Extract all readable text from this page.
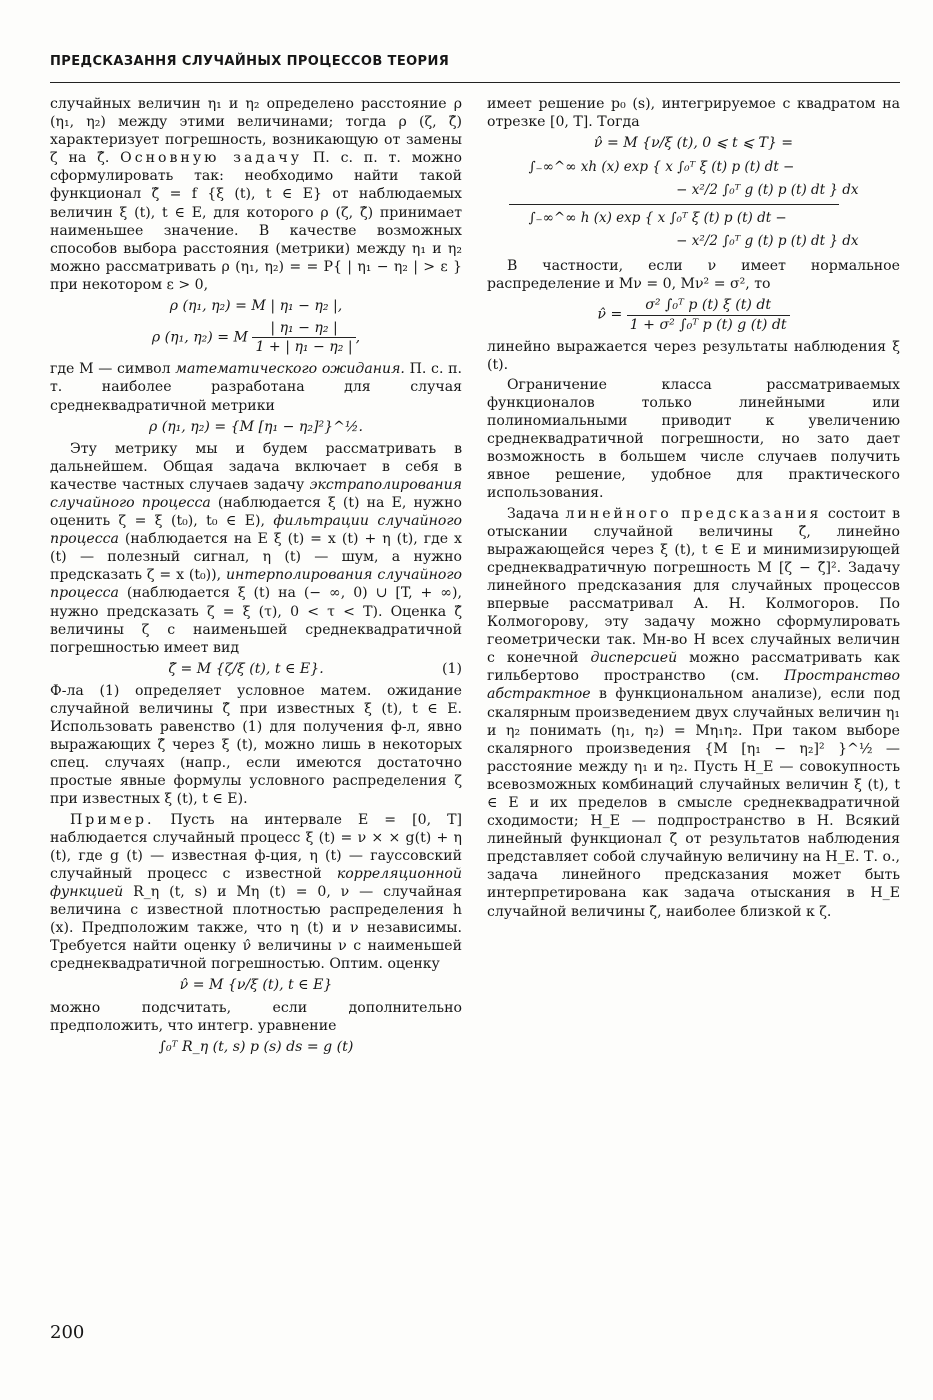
ПРЕДСКАЗАННЯ СЛУЧАЙНЫХ ПРОЦЕССОВ ТЕОРИЯ

случайных величин η₁ и η₂ определено расстояние ρ (η₁, η₂) между этими величинами; тогда ρ (ζ, ζ̂) характеризует погрешность, возникающую от замены ζ на ζ̂. Основную задачу П. с. п. т. можно сформулировать так: необходимо найти такой функционал ζ̂ = f {ξ (t), t ∈ E} от наблюдаемых величин ξ (t), t ∈ E, для которого ρ (ζ, ζ̂) принимает наименьшее значение. В качестве возможных способов выбора расстояния (метрики) между η₁ и η₂ можно рассматривать ρ (η₁, η₂) = = P{ | η₁ − η₂ | > ε } при некотором ε > 0,

ρ (η₁, η₂) = M | η₁ − η₂ |,
ρ (η₁, η₂) = M $\frac{\text{| η₁ − η₂ |}}{\text{1 + | η₁ − η₂ |}}$ ,

где M — символ математического ожидания. П. с. п. т. наиболее разработана для случая среднеквадратичной метрики

ρ (η₁, η₂) = {M [η₁ − η₂]²}^½.

Эту метрику мы и будем рассматривать в дальнейшем. Общая задача включает в себя в качестве частных случаев задачу экстраполирования случайного процесса (наблюдается ξ (t) на E, нужно оценить ζ = ξ (t₀), t₀ ∈ E), фильтрации случайного процесса (наблюдается на E ξ (t) = x (t) + η (t), где x (t) — полезный сигнал, η (t) — шум, а нужно предсказать ζ = x (t₀)), интерполирования случайного процесса (наблюдается ξ (t) на (− ∞, 0) ∪ [T, + ∞), нужно предсказать ζ = ξ (τ), 0 < τ < T). Оценка ζ̂ величины ζ с наименьшей среднеквадратичной погрешностью имеет вид

ζ̂ = M {ζ/ξ (t), t ∈ E}.	(1)

Ф-ла (1) определяет условное матем. ожидание случайной величины ζ̂ при известных ξ (t), t ∈ E. Использовать равенство (1) для получения ф-л, явно выражающих ζ̂ через ξ (t), можно лишь в некоторых спец. случаях (напр., если имеются достаточно простые явные формулы условного распределения ζ при известных ξ (t), t ∈ E).

Пример. Пусть на интервале E = [0, T] наблюдается случайный процесс ξ (t) = ν × × g(t) + η (t), где g (t) — известная ф-ция, η (t) — гауссовский случайный процесс с известной корреляционной функцией R_η (t, s) и Mη (t) = 0, ν — случайная величина с известной плотностью распределения h (x). Предположим также, что η (t) и ν независимы. Требуется найти оценку ν̂ величины ν с наименьшей среднеквадратичной погрешностью. Оптим. оценку

ν̂ = M {ν/ξ (t), t ∈ E}

можно подсчитать, если дополнительно предположить, что интегр. уравнение

∫₀ᵀ R_η (t, s) p (s) ds = g (t)

имеет решение p₀ (s), интегрируемое с квадратом на отрезке [0, T]. Тогда

ν̂ = M {ν/ξ (t), 0 ⩽ t ⩽ T} =
∫₋∞^∞ xh (x) exp { x ∫₀ᵀ ξ (t) p (t) dt −
− x²/2 ∫₀ᵀ g (t) p (t) dt } dx
∫₋∞^∞ h (x) exp { x ∫₀ᵀ ξ (t) p (t) dt −
− x²/2 ∫₀ᵀ g (t) p (t) dt } dx

В частности, если ν имеет нормальное распределение и Mν = 0, Mν² = σ², то

ν̂ = $\frac{\text{σ² ∫₀ᵀ p (t) ξ (t) dt}}{\text{1 + σ² ∫₀ᵀ p (t) g (t) dt}}$

линейно выражается через результаты наблюдения ξ (t).

Ограничение класса рассматриваемых функционалов только линейными или полиномиальными приводит к увеличению среднеквадратичной погрешности, но зато дает возможность в большем числе случаев получить явное решение, удобное для практического использования.

Задача линейного предсказания состоит в отыскании случайной величины ζ̃, линейно выражающейся через ξ (t), t ∈ E и минимизирующей среднеквадратичную погрешность M [ζ − ζ̃]². Задачу линейного предсказания для случайных процессов впервые рассматривал А. Н. Колмогоров. По Колмогорову, эту задачу можно сформулировать геометрически так. Мн-во H всех случайных величин с конечной дисперсией можно рассматривать как гильбертово пространство (см. Пространство абстрактное в функциональном анализе), если под скалярным произведением двух случайных величин η₁ и η₂ понимать (η₁, η₂) = Mη₁η₂. При таком выборе скалярного произведения {M [η₁ − η₂]² }^½ — расстояние между η₁ и η₂. Пусть H_E — совокупность всевозможных комбинаций случайных величин ξ (t), t ∈ E и их пределов в смысле среднеквадратичной сходимости; H_E — подпространство в H. Всякий линейный функционал ζ̃ от результатов наблюдения представляет собой случайную величину на H_E. Т. о., задача линейного предсказания может быть интерпретирована как задача отыскания в H_E случайной величины ζ̃, наиболее близкой к ζ.

200
